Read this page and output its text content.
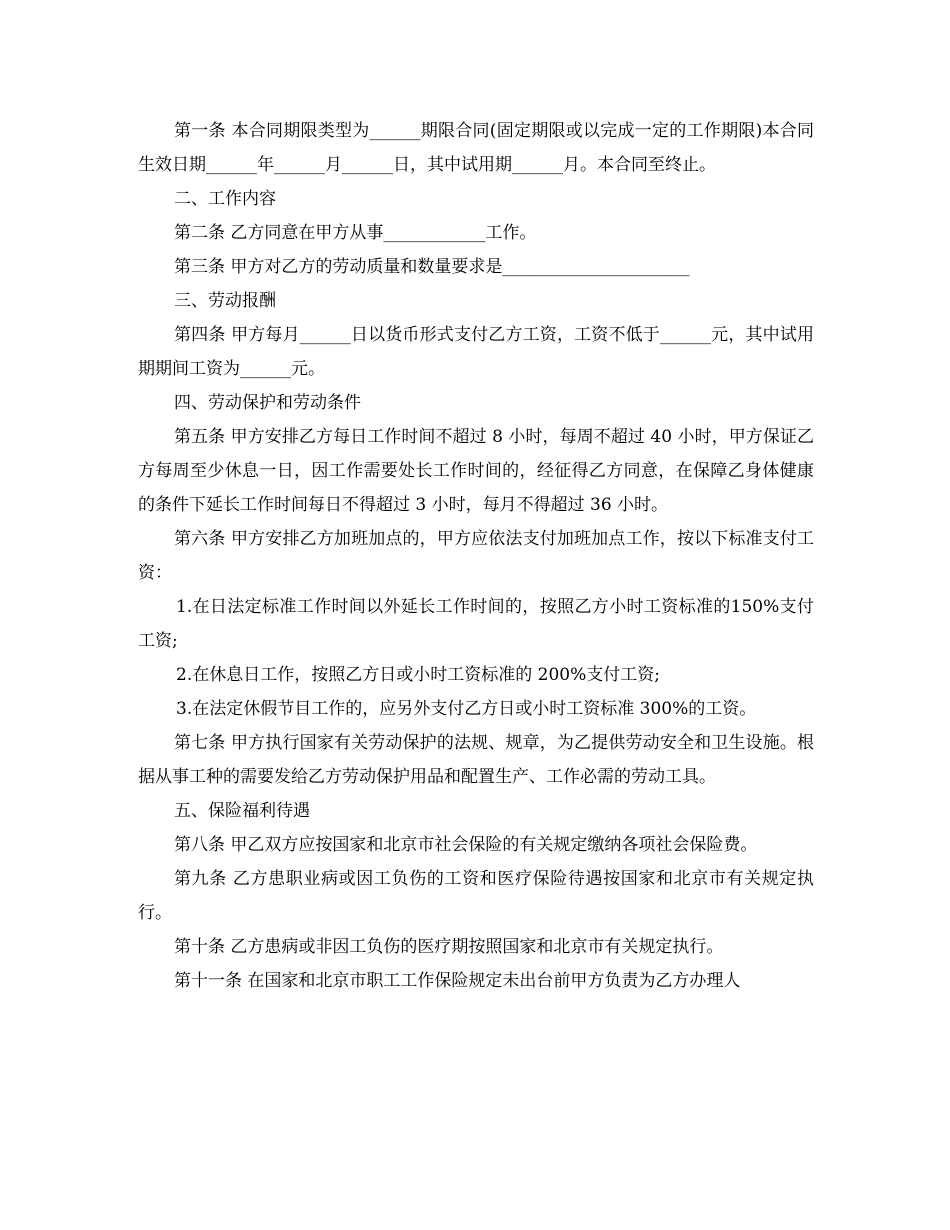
第一条 本合同期限类型为______期限合同(固定期限或以完成一定的工作期限)本合同生效日期______年______月______日，其中试用期______月。本合同至终止。

二、工作内容

第二条 乙方同意在甲方从事____________工作。

第三条 甲方对乙方的劳动质量和数量要求是______________________

三、劳动报酬

第四条 甲方每月______日以货币形式支付乙方工资，工资不低于______元，其中试用期期间工资为______元。

四、劳动保护和劳动条件

第五条 甲方安排乙方每日工作时间不超过 8 小时，每周不超过 40 小时，甲方保证乙方每周至少休息一日，因工作需要处长工作时间的，经征得乙方同意，在保障乙身体健康的条件下延长工作时间每日不得超过 3 小时，每月不得超过 36 小时。

第六条 甲方安排乙方加班加点的，甲方应依法支付加班加点工作，按以下标准支付工资：

1.在日法定标准工作时间以外延长工作时间的，按照乙方小时工资标准的150%支付工资;

2.在休息日工作，按照乙方日或小时工资标准的 200%支付工资;

3.在法定休假节目工作的，应另外支付乙方日或小时工资标准 300%的工资。

第七条 甲方执行国家有关劳动保护的法规、规章，为乙提供劳动安全和卫生设施。根据从事工种的需要发给乙方劳动保护用品和配置生产、工作必需的劳动工具。

五、保险福利待遇

第八条 甲乙双方应按国家和北京市社会保险的有关规定缴纳各项社会保险费。

第九条 乙方患职业病或因工负伤的工资和医疗保险待遇按国家和北京市有关规定执行。

第十条 乙方患病或非因工负伤的医疗期按照国家和北京市有关规定执行。

第十一条 在国家和北京市职工工作保险规定未出台前甲方负责为乙方办理人
